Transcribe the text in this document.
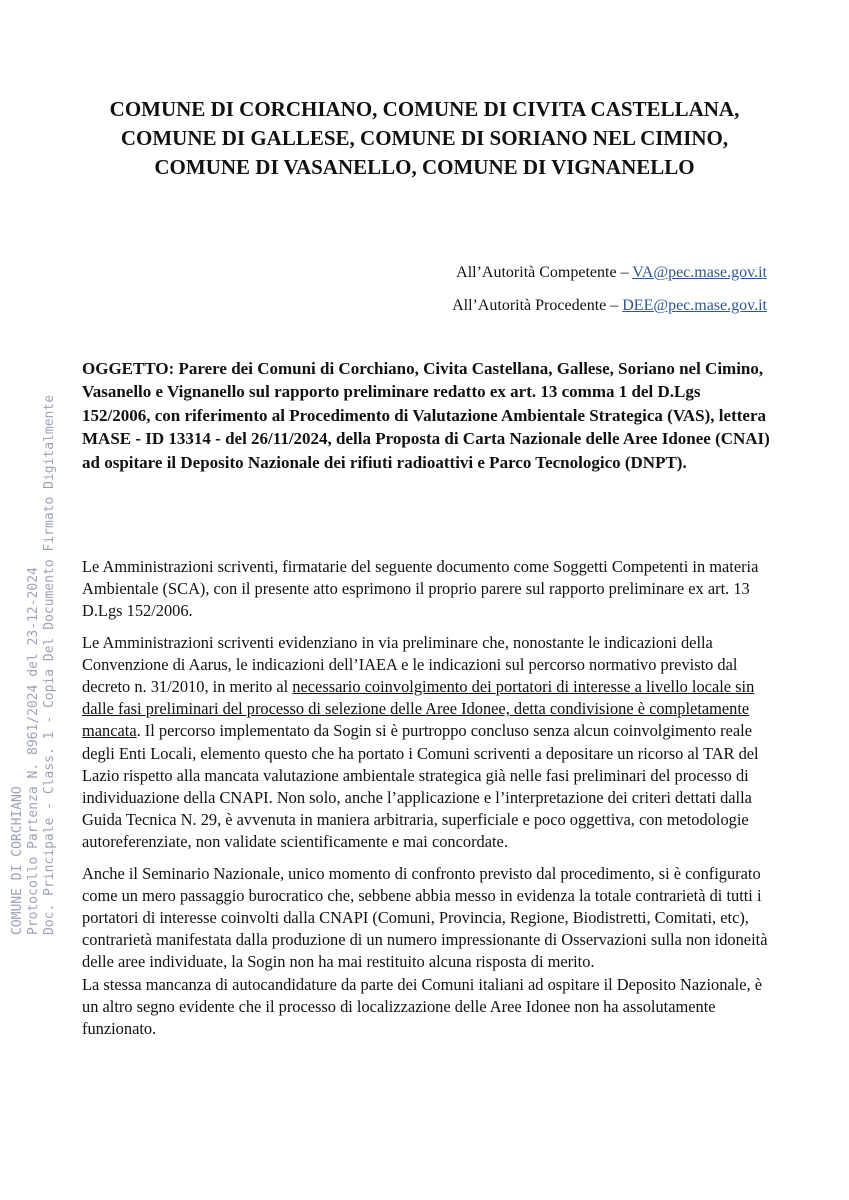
COMUNE DI CORCHIANO, COMUNE DI CIVITA CASTELLANA,
COMUNE DI GALLESE, COMUNE DI SORIANO NEL CIMINO,
COMUNE DI VASANELLO, COMUNE DI VIGNANELLO
All’Autorità Competente – VA@pec.mase.gov.it
All’Autorità Procedente – DEE@pec.mase.gov.it

OGGETTO: Parere dei Comuni di Corchiano, Civita Castellana, Gallese, Soriano nel Cimino, Vasanello e Vignanello sul rapporto preliminare redatto ex art. 13 comma 1 del D.Lgs 152/2006, con riferimento al Procedimento di Valutazione Ambientale Strategica (VAS), lettera MASE - ID 13314 - del 26/11/2024, della Proposta di Carta Nazionale delle Aree Idonee (CNAI) ad ospitare il Deposito Nazionale dei rifiuti radioattivi e Parco Tecnologico (DNPT).

Le Amministrazioni scriventi, firmatarie del seguente documento come Soggetti Competenti in materia Ambientale (SCA), con il presente atto esprimono il proprio parere sul rapporto preliminare ex art. 13 D.Lgs 152/2006.

Le Amministrazioni scriventi evidenziano in via preliminare che, nonostante le indicazioni della Convenzione di Aarus, le indicazioni dell’IAEA e le indicazioni sul percorso normativo previsto dal decreto n. 31/2010, in merito al necessario coinvolgimento dei portatori di interesse a livello locale sin dalle fasi preliminari del processo di selezione delle Aree Idonee, detta condivisione è completamente mancata. Il percorso implementato da Sogin si è purtroppo concluso senza alcun coinvolgimento reale degli Enti Locali, elemento questo che ha portato i Comuni scriventi a depositare un ricorso al TAR del Lazio rispetto alla mancata valutazione ambientale strategica già nelle fasi preliminari del processo di individuazione della CNAPI. Non solo, anche l’applicazione e l’interpretazione dei criteri dettati dalla Guida Tecnica N. 29, è avvenuta in maniera arbitraria, superficiale e poco oggettiva, con metodologie autoreferenziate, non validate scientificamente e mai concordate.

Anche il Seminario Nazionale, unico momento di confronto previsto dal procedimento, si è configurato come un mero passaggio burocratico che, sebbene abbia messo in evidenza la totale contrarietà di tutti i portatori di interesse coinvolti dalla CNAPI (Comuni, Provincia, Regione, Biodistretti, Comitati, etc), contrarietà manifestata dalla produzione di un numero impressionante di Osservazioni sulla non idoneità delle aree individuate, la Sogin non ha mai restituito alcuna risposta di merito.

La stessa mancanza di autocandidature da parte dei Comuni italiani ad ospitare il Deposito Nazionale, è un altro segno evidente che il processo di localizzazione delle Aree Idonee non ha assolutamente funzionato.

COMUNE DI CORCHIANO Protocollo Partenza N. 8961/2024 del 23-12-2024 Doc. Principale - Class. 1 - Copia Del Documento Firmato Digitalmente
